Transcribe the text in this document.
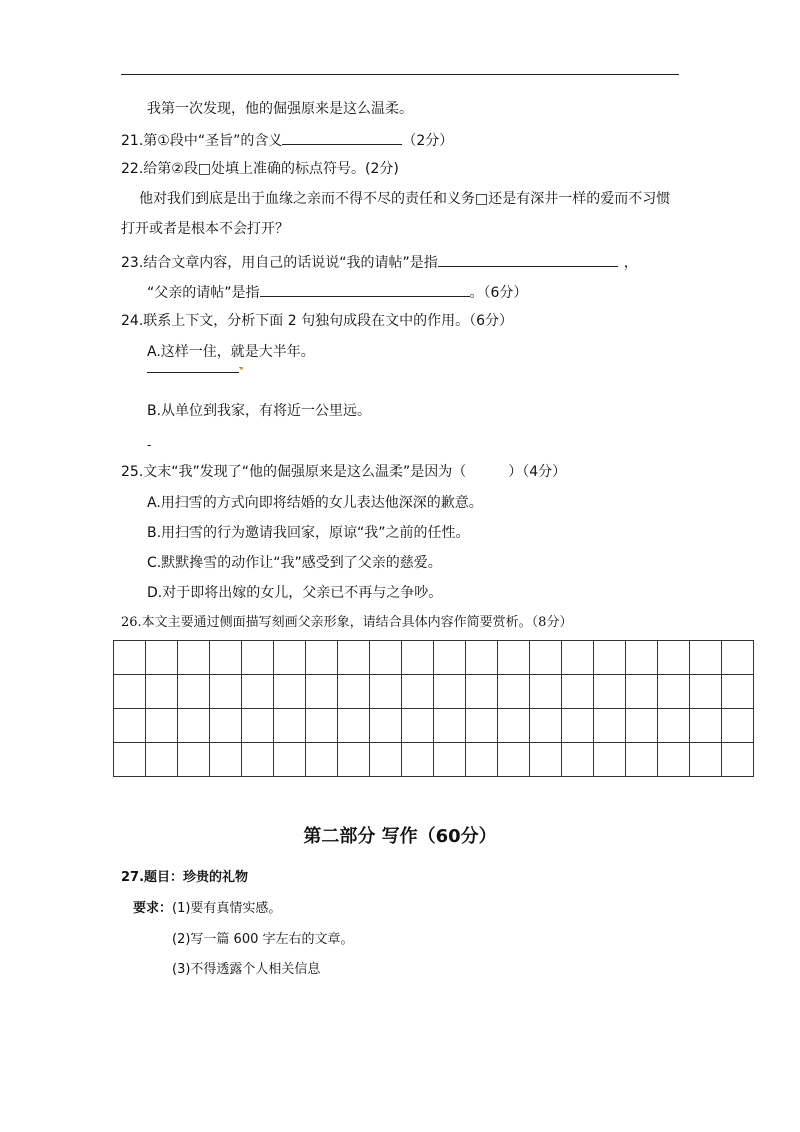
我第一次发现，他的倔强原来是这么温柔。
21.第①段中“圣旨”的含义	（2分）
22.给第②段□处填上准确的标点符号。(2分)
他对我们到底是出于血缘之亲而不得不尽的责任和义务□还是有深井一样的爱而不习惯
打开或者是根本不会打开？
23.结合文章内容，用自己的话说说“我的请帖”是指	，
“父亲的请帖”是指	。（6分）
24.联系上下文，分析下面 2 句独句成段在文中的作用。（6分）
A.这样一住，就是大半年。
B.从单位到我家，有将近一公里远。
-
25.文末“我”发现了“他的倔强原来是这么温柔”是因为（　　　）（4分）
A.用扫雪的方式向即将结婚的女儿表达他深深的歉意。
B.用扫雪的行为邀请我回家，原谅“我”之前的任性。
C.默默搀雪的动作让“我”感受到了父亲的慈爱。
D.对于即将出嫁的女儿，父亲已不再与之争吵。
26.本文主要通过侧面描写刻画父亲形象，请结合具体内容作简要赏析。（8分）

第二部分 写作（60分）
27.题目：珍贵的礼物
要求：(1)要有真情实感。
(2)写一篇 600 字左右的文章。
(3)不得透露个人相关信息
